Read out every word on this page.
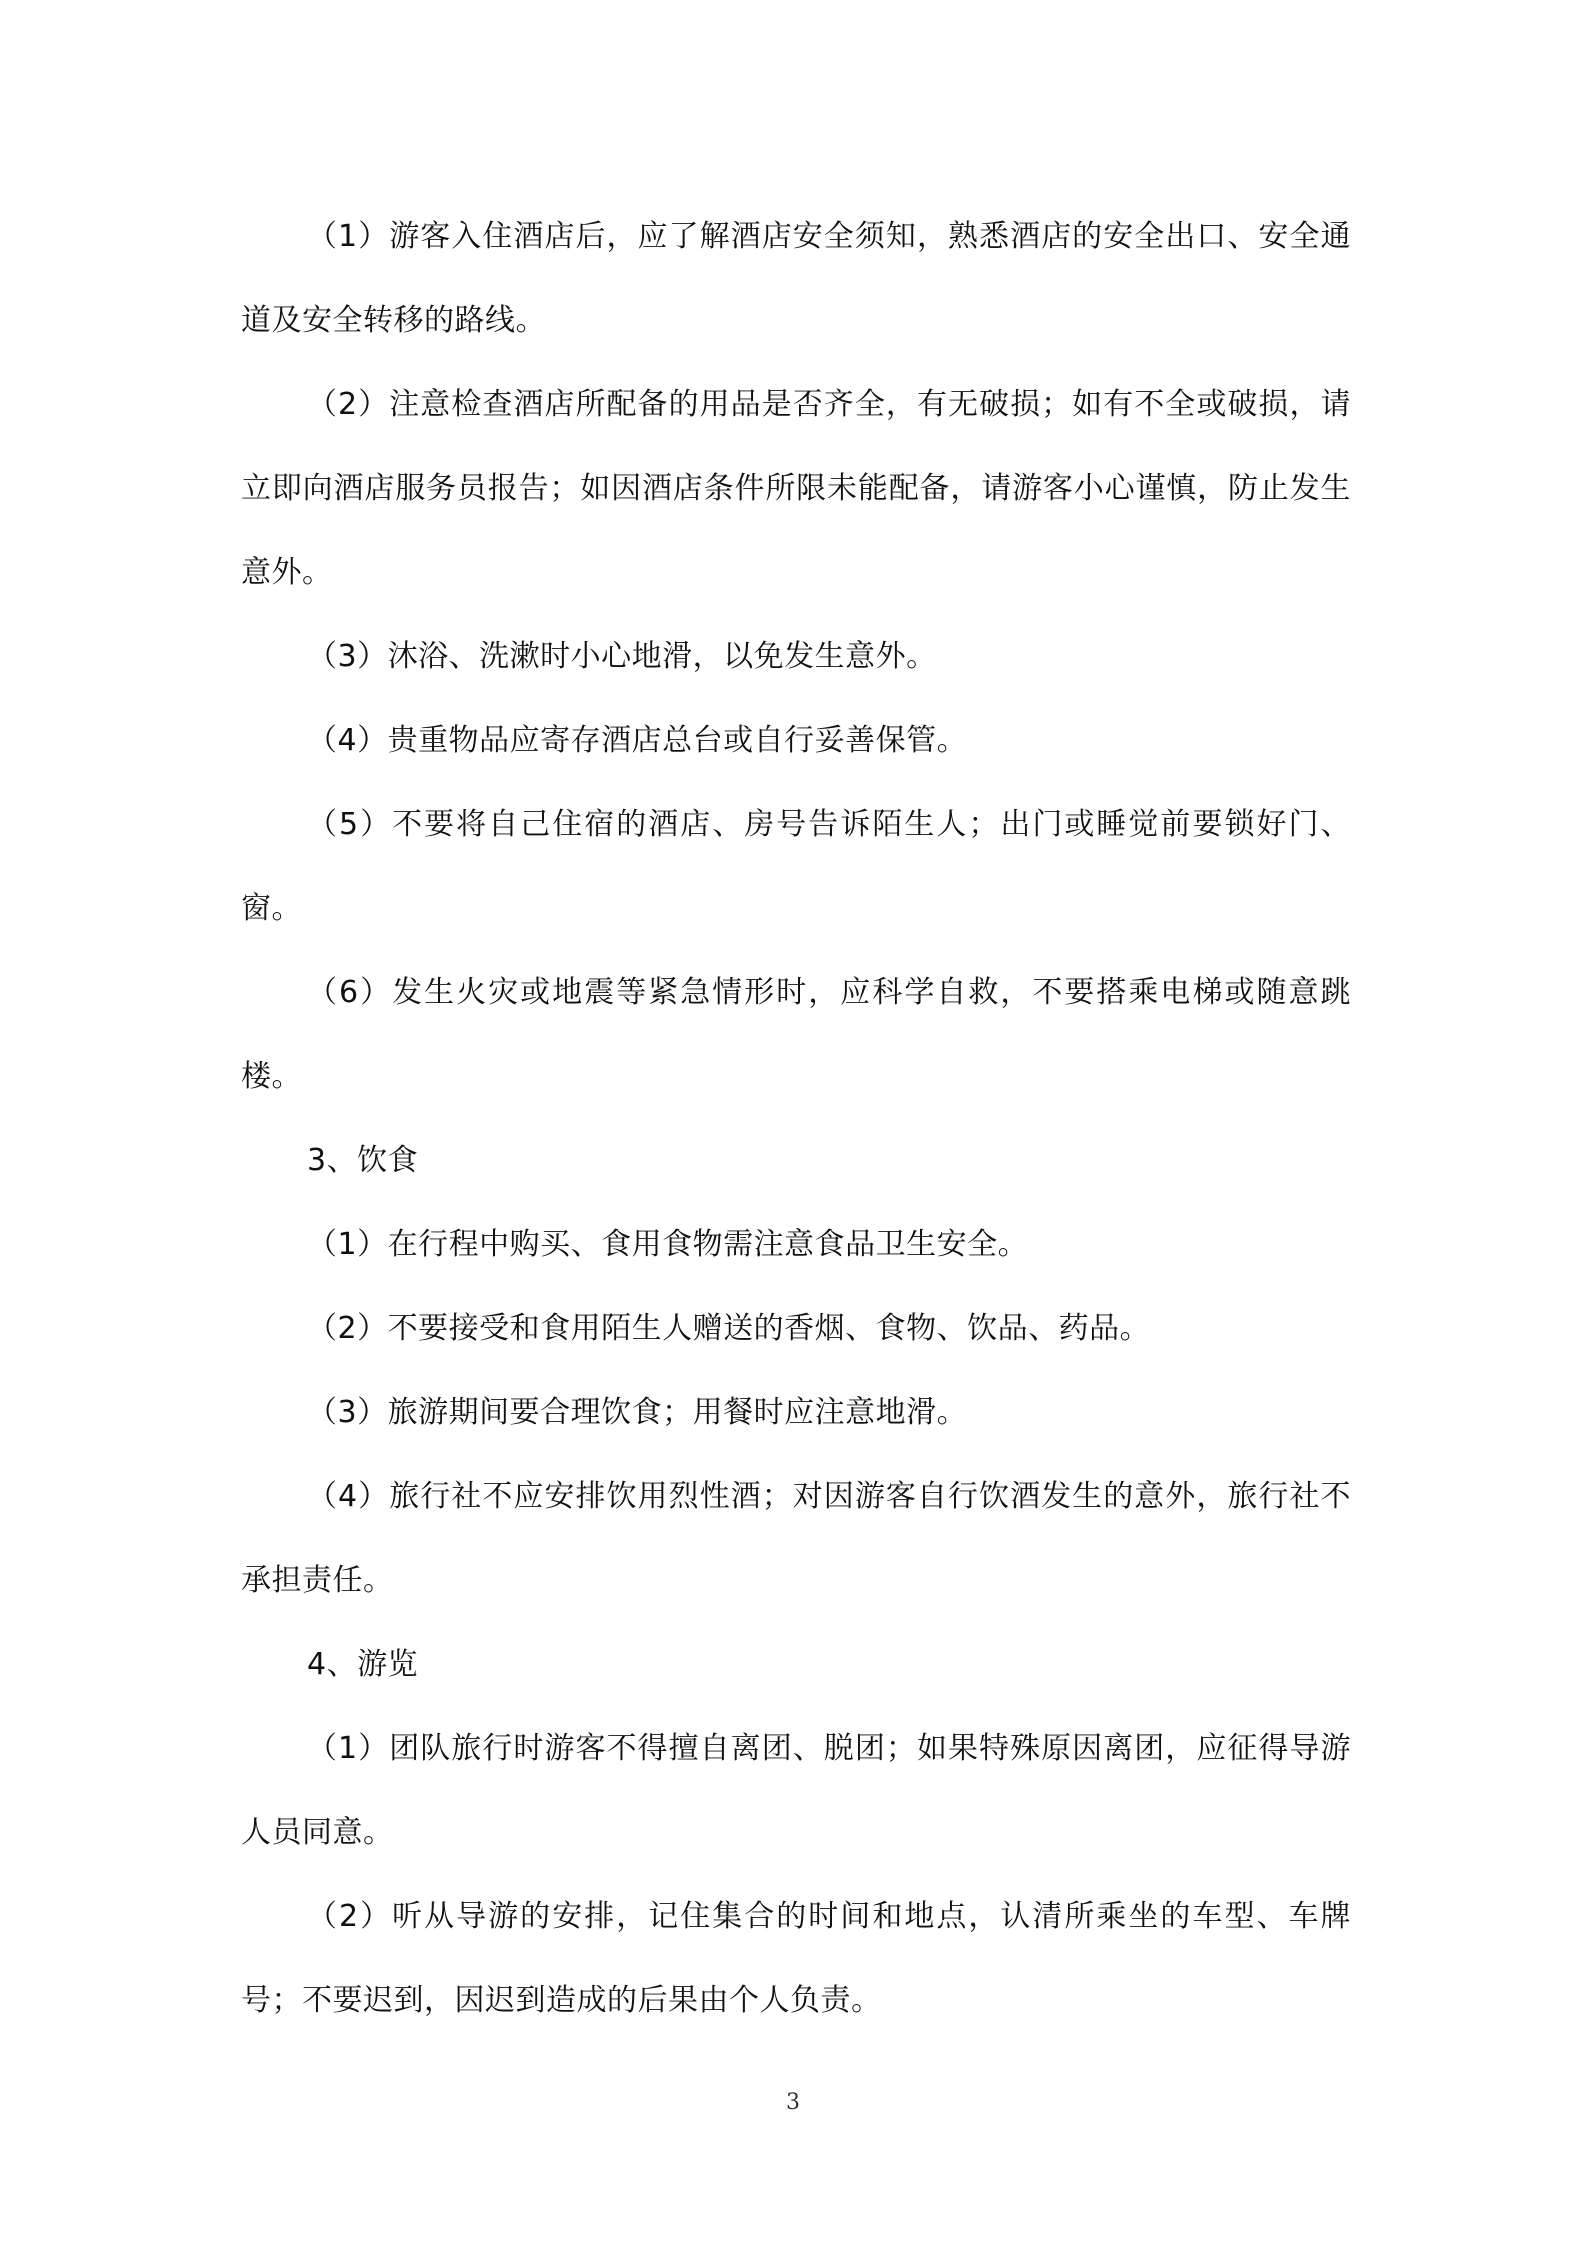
（1）游客入住酒店后，应了解酒店安全须知，熟悉酒店的安全出口、安全通道及安全转移的路线。

（2）注意检查酒店所配备的用品是否齐全，有无破损；如有不全或破损，请立即向酒店服务员报告；如因酒店条件所限未能配备，请游客小心谨慎，防止发生意外。

（3）沐浴、洗漱时小心地滑，以免发生意外。

（4）贵重物品应寄存酒店总台或自行妥善保管。

（5）不要将自己住宿的酒店、房号告诉陌生人；出门或睡觉前要锁好门、窗。

（6）发生火灾或地震等紧急情形时，应科学自救，不要搭乘电梯或随意跳楼。

3、饮食

（1）在行程中购买、食用食物需注意食品卫生安全。

（2）不要接受和食用陌生人赠送的香烟、食物、饮品、药品。

（3）旅游期间要合理饮食；用餐时应注意地滑。

（4）旅行社不应安排饮用烈性酒；对因游客自行饮酒发生的意外，旅行社不承担责任。

4、游览

（1）团队旅行时游客不得擅自离团、脱团；如果特殊原因离团，应征得导游人员同意。

（2）听从导游的安排，记住集合的时间和地点，认清所乘坐的车型、车牌号；不要迟到，因迟到造成的后果由个人负责。

3
